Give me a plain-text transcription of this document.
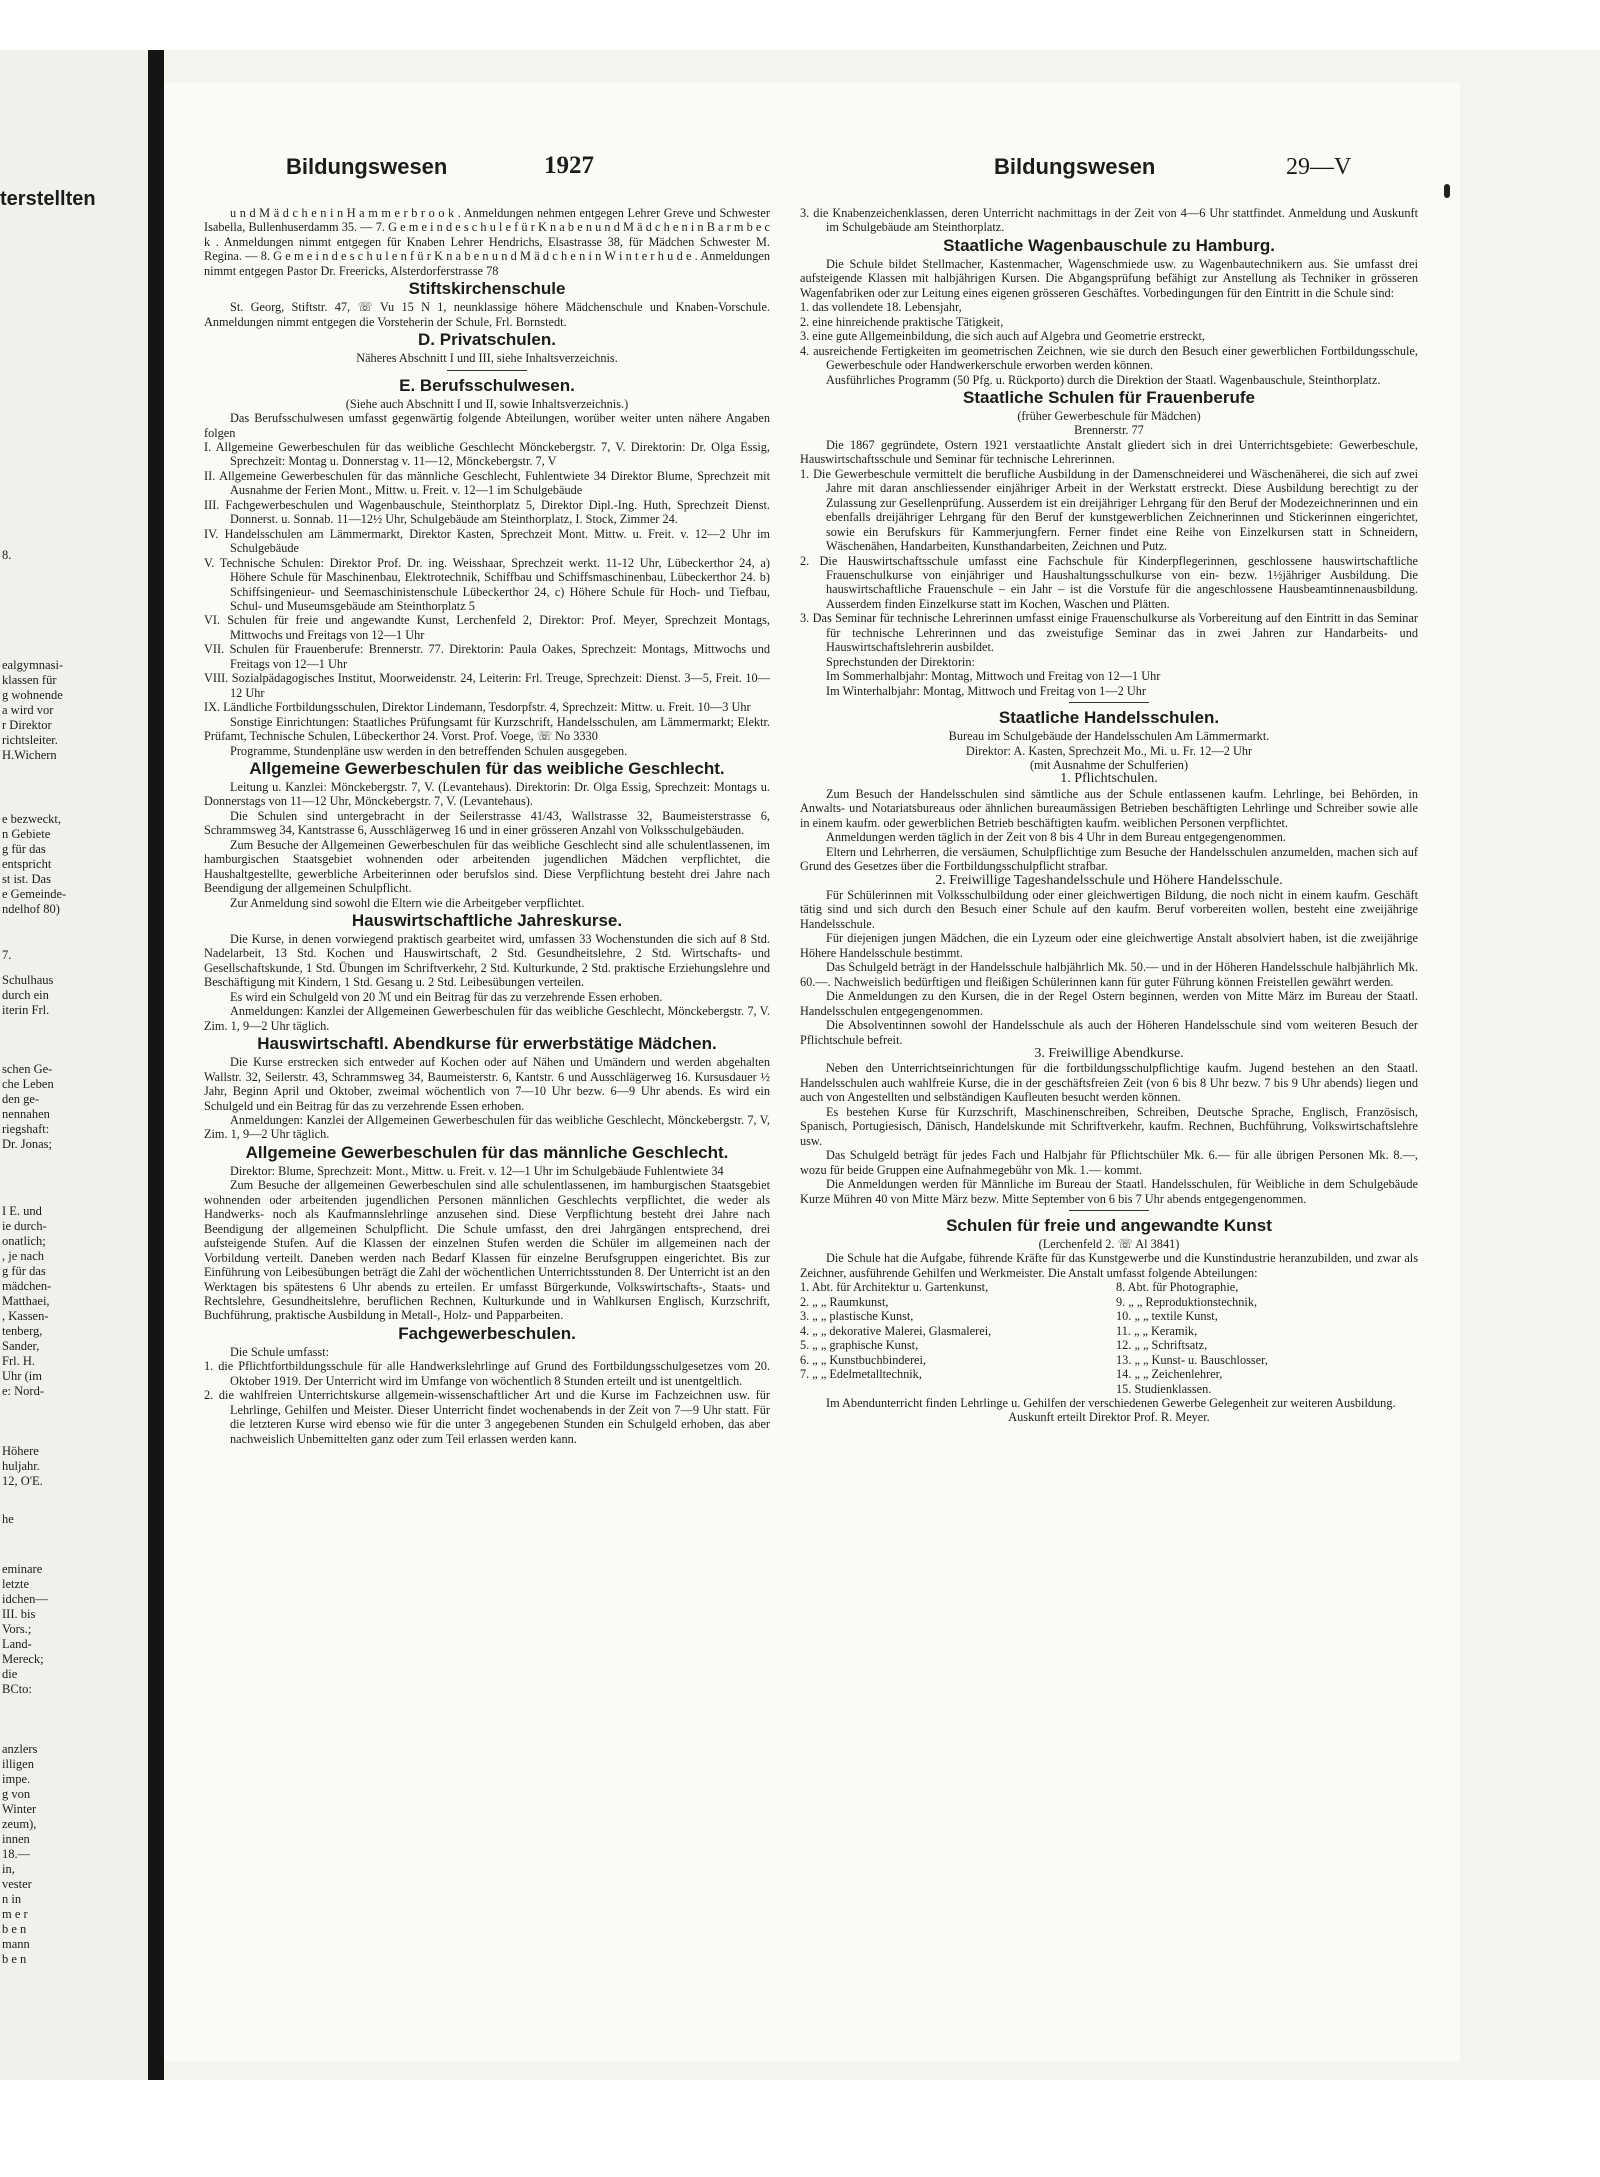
terstellten
8.
ealgymnasi-
klassen für
g wohnende
a wird vor
r Direktor
richtsleiter.
H.Wichern
e bezweckt,
n Gebiete
g für das
entspricht
st ist. Das
e Gemeinde-
ndelhof 80)
7.
Schulhaus
durch ein
iterin Frl.
schen Ge-
che Leben
den ge-
nennahen
riegshaft:
Dr. Jonas;
I E. und
ie durch-
onatlich;
, je nach
g für das
mädchen-
Matthaei,
, Kassen-
tenberg,
Sander,
Frl. H.
Uhr (im
e: Nord-
Höhere
huljahr.
12, O'E.
he
eminare
letzte
idchen—
III. bis
Vors.;
Land-
Mereck;
die
BCto:
anzlers
illigen
impe.
g von
Winter
zeum),
innen
18.—
in,
vester
n in
m e r
b e n
mann
b e n
Bildungswesen	1927	Bildungswesen	29—V

u n d M ä d c h e n i n H a m m e r b r o o k . Anmeldungen nehmen entgegen Lehrer Greve und Schwester Isabella, Bullenhuserdamm 35. — 7. G e m e i n d e s c h u l e f ü r K n a b e n u n d M ä d c h e n i n B a r m b e c k . Anmeldungen nimmt entgegen für Knaben Lehrer Hendrichs, Elsastrasse 38, für Mädchen Schwester M. Regina. — 8. G e m e i n d e s c h u l e n f ü r K n a b e n u n d M ä d c h e n i n W i n t e r h u d e . Anmeldungen nimmt entgegen Pastor Dr. Freericks, Alsterdorferstrasse 78

Stiftskirchenschule

St. Georg, Stiftstr. 47, ☏ Vu 15 N 1, neunklassige höhere Mädchenschule und Knaben-Vorschule. Anmeldungen nimmt entgegen die Vorsteherin der Schule, Frl. Bornstedt.

D. Privatschulen.

Näheres Abschnitt I und III, siehe Inhaltsverzeichnis.

E. Berufsschulwesen.

(Siehe auch Abschnitt I und II, sowie Inhaltsverzeichnis.)

Das Berufsschulwesen umfasst gegenwärtig folgende Abteilungen, worüber weiter unten nähere Angaben folgen

I. Allgemeine Gewerbeschulen für das weibliche Geschlecht Mönckebergstr. 7, V. Direktorin: Dr. Olga Essig, Sprechzeit: Montag u. Donnerstag v. 11—12, Mönckebergstr. 7, V

II. Allgemeine Gewerbeschulen für das männliche Geschlecht, Fuhlentwiete 34 Direktor Blume, Sprechzeit mit Ausnahme der Ferien Mont., Mittw. u. Freit. v. 12—1 im Schulgebäude

III. Fachgewerbeschulen und Wagenbauschule, Steinthorplatz 5, Direktor Dipl.-Ing. Huth, Sprechzeit Dienst. Donnerst. u. Sonnab. 11—12½ Uhr, Schulgebäude am Steinthorplatz, I. Stock, Zimmer 24.

IV. Handelsschulen am Lämmermarkt, Direktor Kasten, Sprechzeit Mont. Mittw. u. Freit. v. 12—2 Uhr im Schulgebäude

V. Technische Schulen: Direktor Prof. Dr. ing. Weisshaar, Sprechzeit werkt. 11-12 Uhr, Lübeckerthor 24, a) Höhere Schule für Maschinenbau, Elektrotechnik, Schiffbau und Schiffsmaschinenbau, Lübeckerthor 24. b) Schiffsingenieur- und Seemaschinistenschule Lübeckerthor 24, c) Höhere Schule für Hoch- und Tiefbau, Schul- und Museumsgebäude am Steinthorplatz 5

VI. Schulen für freie und angewandte Kunst, Lerchenfeld 2, Direktor: Prof. Meyer, Sprechzeit Montags, Mittwochs und Freitags von 12—1 Uhr

VII. Schulen für Frauenberufe: Brennerstr. 77. Direktorin: Paula Oakes, Sprechzeit: Montags, Mittwochs und Freitags von 12—1 Uhr

VIII. Sozialpädagogisches Institut, Moorweidenstr. 24, Leiterin: Frl. Treuge, Sprechzeit: Dienst. 3—5, Freit. 10—12 Uhr

IX. Ländliche Fortbildungsschulen, Direktor Lindemann, Tesdorpfstr. 4, Sprechzeit: Mittw. u. Freit. 10—3 Uhr

Sonstige Einrichtungen: Staatliches Prüfungsamt für Kurzschrift, Handelsschulen, am Lämmermarkt; Elektr. Prüfamt, Technische Schulen, Lübeckerthor 24. Vorst. Prof. Voege, ☏ No 3330

Programme, Stundenpläne usw werden in den betreffenden Schulen ausgegeben.

Allgemeine Gewerbeschulen für das weibliche Geschlecht.

Leitung u. Kanzlei: Mönckebergstr. 7, V. (Levantehaus). Direktorin: Dr. Olga Essig, Sprechzeit: Montags u. Donnerstags von 11—12 Uhr, Mönckebergstr. 7, V. (Levantehaus).

Die Schulen sind untergebracht in der Seilerstrasse 41/43, Wallstrasse 32, Baumeisterstrasse 6, Schrammsweg 34, Kantstrasse 6, Ausschlägerweg 16 und in einer grösseren Anzahl von Volksschulgebäuden.

Zum Besuche der Allgemeinen Gewerbeschulen für das weibliche Geschlecht sind alle schulentlassenen, im hamburgischen Staatsgebiet wohnenden oder arbeitenden jugendlichen Mädchen verpflichtet, die Haushaltgestellte, gewerbliche Arbeiterinnen oder berufslos sind. Diese Verpflichtung besteht drei Jahre nach Beendigung der allgemeinen Schulpflicht.

Zur Anmeldung sind sowohl die Eltern wie die Arbeitgeber verpflichtet.

Hauswirtschaftliche Jahreskurse.

Die Kurse, in denen vorwiegend praktisch gearbeitet wird, umfassen 33 Wochenstunden die sich auf 8 Std. Nadelarbeit, 13 Std. Kochen und Hauswirtschaft, 2 Std. Gesundheitslehre, 2 Std. Wirtschafts- und Gesellschaftskunde, 1 Std. Übungen im Schriftverkehr, 2 Std. Kulturkunde, 2 Std. praktische Erziehungslehre und Beschäftigung mit Kindern, 1 Std. Gesang u. 2 Std. Leibesübungen verteilen.

Es wird ein Schulgeld von 20 ℳ und ein Beitrag für das zu verzehrende Essen erhoben.

Anmeldungen: Kanzlei der Allgemeinen Gewerbeschulen für das weibliche Geschlecht, Mönckebergstr. 7, V. Zim. 1, 9—2 Uhr täglich.

Hauswirtschaftl. Abendkurse für erwerbstätige Mädchen.

Die Kurse erstrecken sich entweder auf Kochen oder auf Nähen und Umändern und werden abgehalten Wallstr. 32, Seilerstr. 43, Schrammsweg 34, Baumeisterstr. 6, Kantstr. 6 und Ausschlägerweg 16. Kursusdauer ½ Jahr, Beginn April und Oktober, zweimal wöchentlich von 7—10 Uhr bezw. 6—9 Uhr abends. Es wird ein Schulgeld und ein Beitrag für das zu verzehrende Essen erhoben.

Anmeldungen: Kanzlei der Allgemeinen Gewerbeschulen für das weibliche Geschlecht, Mönckebergstr. 7, V, Zim. 1, 9—2 Uhr täglich.

Allgemeine Gewerbeschulen für das männliche Geschlecht.

Direktor: Blume, Sprechzeit: Mont., Mittw. u. Freit. v. 12—1 Uhr im Schulgebäude Fuhlentwiete 34

Zum Besuche der allgemeinen Gewerbeschulen sind alle schulentlassenen, im hamburgischen Staatsgebiet wohnenden oder arbeitenden jugendlichen Personen männlichen Geschlechts verpflichtet, die weder als Handwerks- noch als Kaufmannslehrlinge anzusehen sind. Diese Verpflichtung besteht drei Jahre nach Beendigung der allgemeinen Schulpflicht. Die Schule umfasst, den drei Jahrgängen entsprechend, drei aufsteigende Stufen. Auf die Klassen der einzelnen Stufen werden die Schüler im allgemeinen nach der Vorbildung verteilt. Daneben werden nach Bedarf Klassen für einzelne Berufsgruppen eingerichtet. Bis zur Einführung von Leibesübungen beträgt die Zahl der wöchentlichen Unterrichtsstunden 8. Der Unterricht ist an den Werktagen bis spätestens 6 Uhr abends zu erteilen. Er umfasst Bürgerkunde, Volkswirtschafts-, Staats- und Rechtslehre, Gesundheitslehre, beruflichen Rechnen, Kulturkunde und in Wahlkursen Englisch, Kurzschrift, Buchführung, praktische Ausbildung in Metall-, Holz- und Papparbeiten.

Fachgewerbeschulen.

Die Schule umfasst:

1. die Pflichtfortbildungsschule für alle Handwerkslehrlinge auf Grund des Fortbildungsschulgesetzes vom 20. Oktober 1919. Der Unterricht wird im Umfange von wöchentlich 8 Stunden erteilt und ist unentgeltlich.

2. die wahlfreien Unterrichtskurse allgemein-wissenschaftlicher Art und die Kurse im Fachzeichnen usw. für Lehrlinge, Gehilfen und Meister. Dieser Unterricht findet wochenabends in der Zeit von 7—9 Uhr statt. Für die letzteren Kurse wird ebenso wie für die unter 3 angegebenen Stunden ein Schulgeld erhoben, das aber nachweislich Unbemittelten ganz oder zum Teil erlassen werden kann.

3. die Knabenzeichenklassen, deren Unterricht nachmittags in der Zeit von 4—6 Uhr stattfindet. Anmeldung und Auskunft im Schulgebäude am Steinthorplatz.

Staatliche Wagenbauschule zu Hamburg.

Die Schule bildet Stellmacher, Kastenmacher, Wagenschmiede usw. zu Wagenbautechnikern aus. Sie umfasst drei aufsteigende Klassen mit halbjährigen Kursen. Die Abgangsprüfung befähigt zur Anstellung als Techniker in grösseren Wagenfabriken oder zur Leitung eines eigenen grösseren Geschäftes. Vorbedingungen für den Eintritt in die Schule sind:

1. das vollendete 18. Lebensjahr,

2. eine hinreichende praktische Tätigkeit,

3. eine gute Allgemeinbildung, die sich auch auf Algebra und Geometrie erstreckt,

4. ausreichende Fertigkeiten im geometrischen Zeichnen, wie sie durch den Besuch einer gewerblichen Fortbildungsschule, Gewerbeschule oder Handwerkerschule erworben werden können.

Ausführliches Programm (50 Pfg. u. Rückporto) durch die Direktion der Staatl. Wagenbauschule, Steinthorplatz.

Staatliche Schulen für Frauenberufe

(früher Gewerbeschule für Mädchen)

Brennerstr. 77

Die 1867 gegründete, Ostern 1921 verstaatlichte Anstalt gliedert sich in drei Unterrichtsgebiete: Gewerbeschule, Hauswirtschaftsschule und Seminar für technische Lehrerinnen.

1. Die Gewerbeschule vermittelt die berufliche Ausbildung in der Damenschneiderei und Wäschenäherei, die sich auf zwei Jahre mit daran anschliessender einjähriger Arbeit in der Werkstatt erstreckt. Diese Ausbildung berechtigt zu der Zulassung zur Gesellenprüfung. Ausserdem ist ein dreijähriger Lehrgang für den Beruf der Modezeichnerinnen und ein ebenfalls dreijähriger Lehrgang für den Beruf der kunstgewerblichen Zeichnerinnen und Stickerinnen eingerichtet, sowie ein Berufskurs für Kammerjungfern. Ferner findet eine Reihe von Einzelkursen statt in Schneidern, Wäschenähen, Handarbeiten, Kunsthandarbeiten, Zeichnen und Putz.

2. Die Hauswirtschaftsschule umfasst eine Fachschule für Kinderpflegerinnen, geschlossene hauswirtschaftliche Frauenschulkurse von einjähriger und Haushaltungsschulkurse von ein- bezw. 1½jähriger Ausbildung. Die hauswirtschaftliche Frauenschule – ein Jahr – ist die Vorstufe für die angeschlossene Hausbeamtinnenausbildung. Ausserdem finden Einzelkurse statt im Kochen, Waschen und Plätten.

3. Das Seminar für technische Lehrerinnen umfasst einige Frauenschulkurse als Vorbereitung auf den Eintritt in das Seminar für technische Lehrerinnen und das zweistufige Seminar das in zwei Jahren zur Handarbeits- und Hauswirtschaftslehrerin ausbildet.

Sprechstunden der Direktorin:

Im Sommerhalbjahr: Montag, Mittwoch und Freitag von 12—1 Uhr

Im Winterhalbjahr: Montag, Mittwoch und Freitag von 1—2 Uhr

Staatliche Handelsschulen.

Bureau im Schulgebäude der Handelsschulen Am Lämmermarkt.

Direktor: A. Kasten, Sprechzeit Mo., Mi. u. Fr. 12—2 Uhr

(mit Ausnahme der Schulferien)

1. Pflichtschulen.

Zum Besuch der Handelsschulen sind sämtliche aus der Schule entlassenen kaufm. Lehrlinge, bei Behörden, in Anwalts- und Notariatsbureaus oder ähnlichen bureaumässigen Betrieben beschäftigten Lehrlinge und Schreiber sowie alle in einem kaufm. oder gewerblichen Betrieb beschäftigten kaufm. weiblichen Personen verpflichtet.

Anmeldungen werden täglich in der Zeit von 8 bis 4 Uhr in dem Bureau entgegengenommen.

Eltern und Lehrherren, die versäumen, Schulpflichtige zum Besuche der Handelsschulen anzumelden, machen sich auf Grund des Gesetzes über die Fortbildungsschulpflicht strafbar.

2. Freiwillige Tageshandelsschule und Höhere Handelsschule.

Für Schülerinnen mit Volksschulbildung oder einer gleichwertigen Bildung, die noch nicht in einem kaufm. Geschäft tätig sind und sich durch den Besuch einer Schule auf den kaufm. Beruf vorbereiten wollen, besteht eine zweijährige Handelsschule.

Für diejenigen jungen Mädchen, die ein Lyzeum oder eine gleichwertige Anstalt absolviert haben, ist die zweijährige Höhere Handelsschule bestimmt.

Das Schulgeld beträgt in der Handelsschule halbjährlich Mk. 50.— und in der Höheren Handelsschule halbjährlich Mk. 60.—. Nachweislich bedürftigen und fleißigen Schülerinnen kann für guter Führung können Freistellen gewährt werden.

Die Anmeldungen zu den Kursen, die in der Regel Ostern beginnen, werden von Mitte März im Bureau der Staatl. Handelsschulen entgegengenommen.

Die Absolventinnen sowohl der Handelsschule als auch der Höheren Handelsschule sind vom weiteren Besuch der Pflichtschule befreit.

3. Freiwillige Abendkurse.

Neben den Unterrichtseinrichtungen für die fortbildungsschulpflichtige kaufm. Jugend bestehen an den Staatl. Handelsschulen auch wahlfreie Kurse, die in der geschäftsfreien Zeit (von 6 bis 8 Uhr bezw. 7 bis 9 Uhr abends) liegen und auch von Angestellten und selbständigen Kaufleuten besucht werden können.

Es bestehen Kurse für Kurzschrift, Maschinenschreiben, Schreiben, Deutsche Sprache, Englisch, Französisch, Spanisch, Portugiesisch, Dänisch, Handelskunde mit Schriftverkehr, kaufm. Rechnen, Buchführung, Volkswirtschaftslehre usw.

Das Schulgeld beträgt für jedes Fach und Halbjahr für Pflichtschüler Mk. 6.— für alle übrigen Personen Mk. 8.—, wozu für beide Gruppen eine Aufnahmegebühr von Mk. 1.— kommt.

Die Anmeldungen werden für Männliche im Bureau der Staatl. Handelsschulen, für Weibliche in dem Schulgebäude Kurze Mühren 40 von Mitte März bezw. Mitte September von 6 bis 7 Uhr abends entgegengenommen.

Schulen für freie und angewandte Kunst

(Lerchenfeld 2. ☏ Al 3841)

Die Schule hat die Aufgabe, führende Kräfte für das Kunstgewerbe und die Kunstindustrie heranzubilden, und zwar als Zeichner, ausführende Gehilfen und Werkmeister. Die Anstalt umfasst folgende Abteilungen:

1. Abt. für Architektur u. Gartenkunst,
2. „ „ Raumkunst,
3. „ „ plastische Kunst,
4. „ „ dekorative Malerei, Glasmalerei,
5. „ „ graphische Kunst,
6. „ „ Kunstbuchbinderei,
7. „ „ Edelmetalltechnik,
8. Abt. für Photographie,
9. „ „ Reproduktionstechnik,
10. „ „ textile Kunst,
11. „ „ Keramik,
12. „ „ Schriftsatz,
13. „ „ Kunst- u. Bauschlosser,
14. „ „ Zeichenlehrer,
15. Studienklassen.

Im Abendunterricht finden Lehrlinge u. Gehilfen der verschiedenen Gewerbe Gelegenheit zur weiteren Ausbildung.

Auskunft erteilt Direktor Prof. R. Meyer.
